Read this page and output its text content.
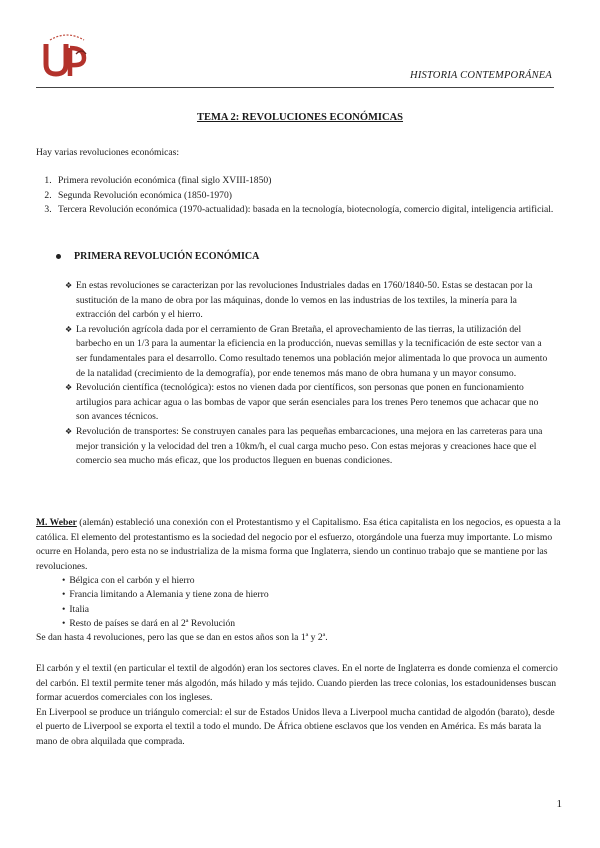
HISTORIA CONTEMPORÁNEA
TEMA 2: REVOLUCIONES ECONÓMICAS

Hay varias revoluciones económicas:

1. Primera revolución económica (final siglo XVIII-1850)
2. Segunda Revolución económica (1850-1970)
3. Tercera Revolución económica (1970-actualidad): basada en la tecnología, biotecnología, comercio digital, inteligencia artificial.
PRIMERA REVOLUCIÓN ECONÓMICA
❖ En estas revoluciones se caracterizan por las revoluciones Industriales dadas en 1760/1840-50. Estas se destacan por la sustitución de la mano de obra por las máquinas, donde lo vemos en las industrias de los textiles, la minería para la extracción del carbón y el hierro.
❖ La revolución agrícola dada por el cerramiento de Gran Bretaña, el aprovechamiento de las tierras, la utilización del barbecho en un 1/3 para la aumentar la eficiencia en la producción, nuevas semillas y la tecnificación de este sector van a ser fundamentales para el desarrollo. Como resultado tenemos una población mejor alimentada lo que provoca un aumento de la natalidad (crecimiento de la demografía), por ende tenemos más mano de obra humana y un mayor consumo.
❖ Revolución científica (tecnológica): estos no vienen dada por científicos, son personas que ponen en funcionamiento artilugios para achicar agua o las bombas de vapor que serán esenciales para los trenes Pero tenemos que achacar que no son avances técnicos.
❖ Revolución de transportes: Se construyen canales para las pequeñas embarcaciones, una mejora en las carreteras para una mejor transición y la velocidad del tren a 10km/h, el cual carga mucho peso. Con estas mejoras y creaciones hace que el comercio sea mucho más eficaz, que los productos lleguen en buenas condiciones.

M. Weber (alemán) estableció una conexión con el Protestantismo y el Capitalismo. Esa ética capitalista en los negocios, es opuesta a la católica. El elemento del protestantismo es la sociedad del negocio por el esfuerzo, otorgándole una fuerza muy importante. Lo mismo ocurre en Holanda, pero esta no se industrializa de la misma forma que Inglaterra, siendo un continuo trabajo que se mantiene por las revoluciones.

• Bélgica con el carbón y el hierro
• Francia limitando a Alemania y tiene zona de hierro
• Italia
• Resto de países se dará en al 2ª Revolución

Se dan hasta 4 revoluciones, pero las que se dan en estos años son la 1ª y 2ª.

El carbón y el textil (en particular el textil de algodón) eran los sectores claves. En el norte de Inglaterra es donde comienza el comercio del carbón. El textil permite tener más algodón, más hilado y más tejido. Cuando pierden las trece colonias, los estadounidenses buscan formar acuerdos comerciales con los ingleses.

En Liverpool se produce un triángulo comercial: el sur de Estados Unidos lleva a Liverpool mucha cantidad de algodón (barato), desde el puerto de Liverpool se exporta el textil a todo el mundo. De África obtiene esclavos que los venden en América. Es más barata la mano de obra alquilada que comprada.

1
